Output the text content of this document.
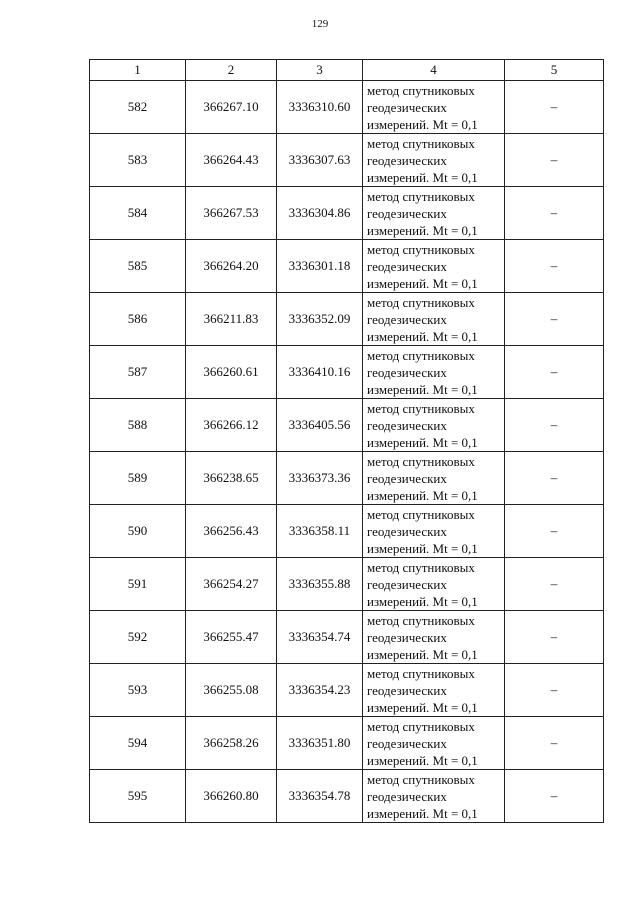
129
1	2	3	4	5
582	366267.10	3336310.60	метод спутниковых
геодезических
измерений. Mt = 0,1	–
583	366264.43	3336307.63	метод спутниковых
геодезических
измерений. Mt = 0,1	–
584	366267.53	3336304.86	метод спутниковых
геодезических
измерений. Mt = 0,1	–
585	366264.20	3336301.18	метод спутниковых
геодезических
измерений. Mt = 0,1	–
586	366211.83	3336352.09	метод спутниковых
геодезических
измерений. Mt = 0,1	–
587	366260.61	3336410.16	метод спутниковых
геодезических
измерений. Mt = 0,1	–
588	366266.12	3336405.56	метод спутниковых
геодезических
измерений. Mt = 0,1	–
589	366238.65	3336373.36	метод спутниковых
геодезических
измерений. Mt = 0,1	–
590	366256.43	3336358.11	метод спутниковых
геодезических
измерений. Mt = 0,1	–
591	366254.27	3336355.88	метод спутниковых
геодезических
измерений. Mt = 0,1	–
592	366255.47	3336354.74	метод спутниковых
геодезических
измерений. Mt = 0,1	–
593	366255.08	3336354.23	метод спутниковых
геодезических
измерений. Mt = 0,1	–
594	366258.26	3336351.80	метод спутниковых
геодезических
измерений. Mt = 0,1	–
595	366260.80	3336354.78	метод спутниковых
геодезических
измерений. Mt = 0,1	–
